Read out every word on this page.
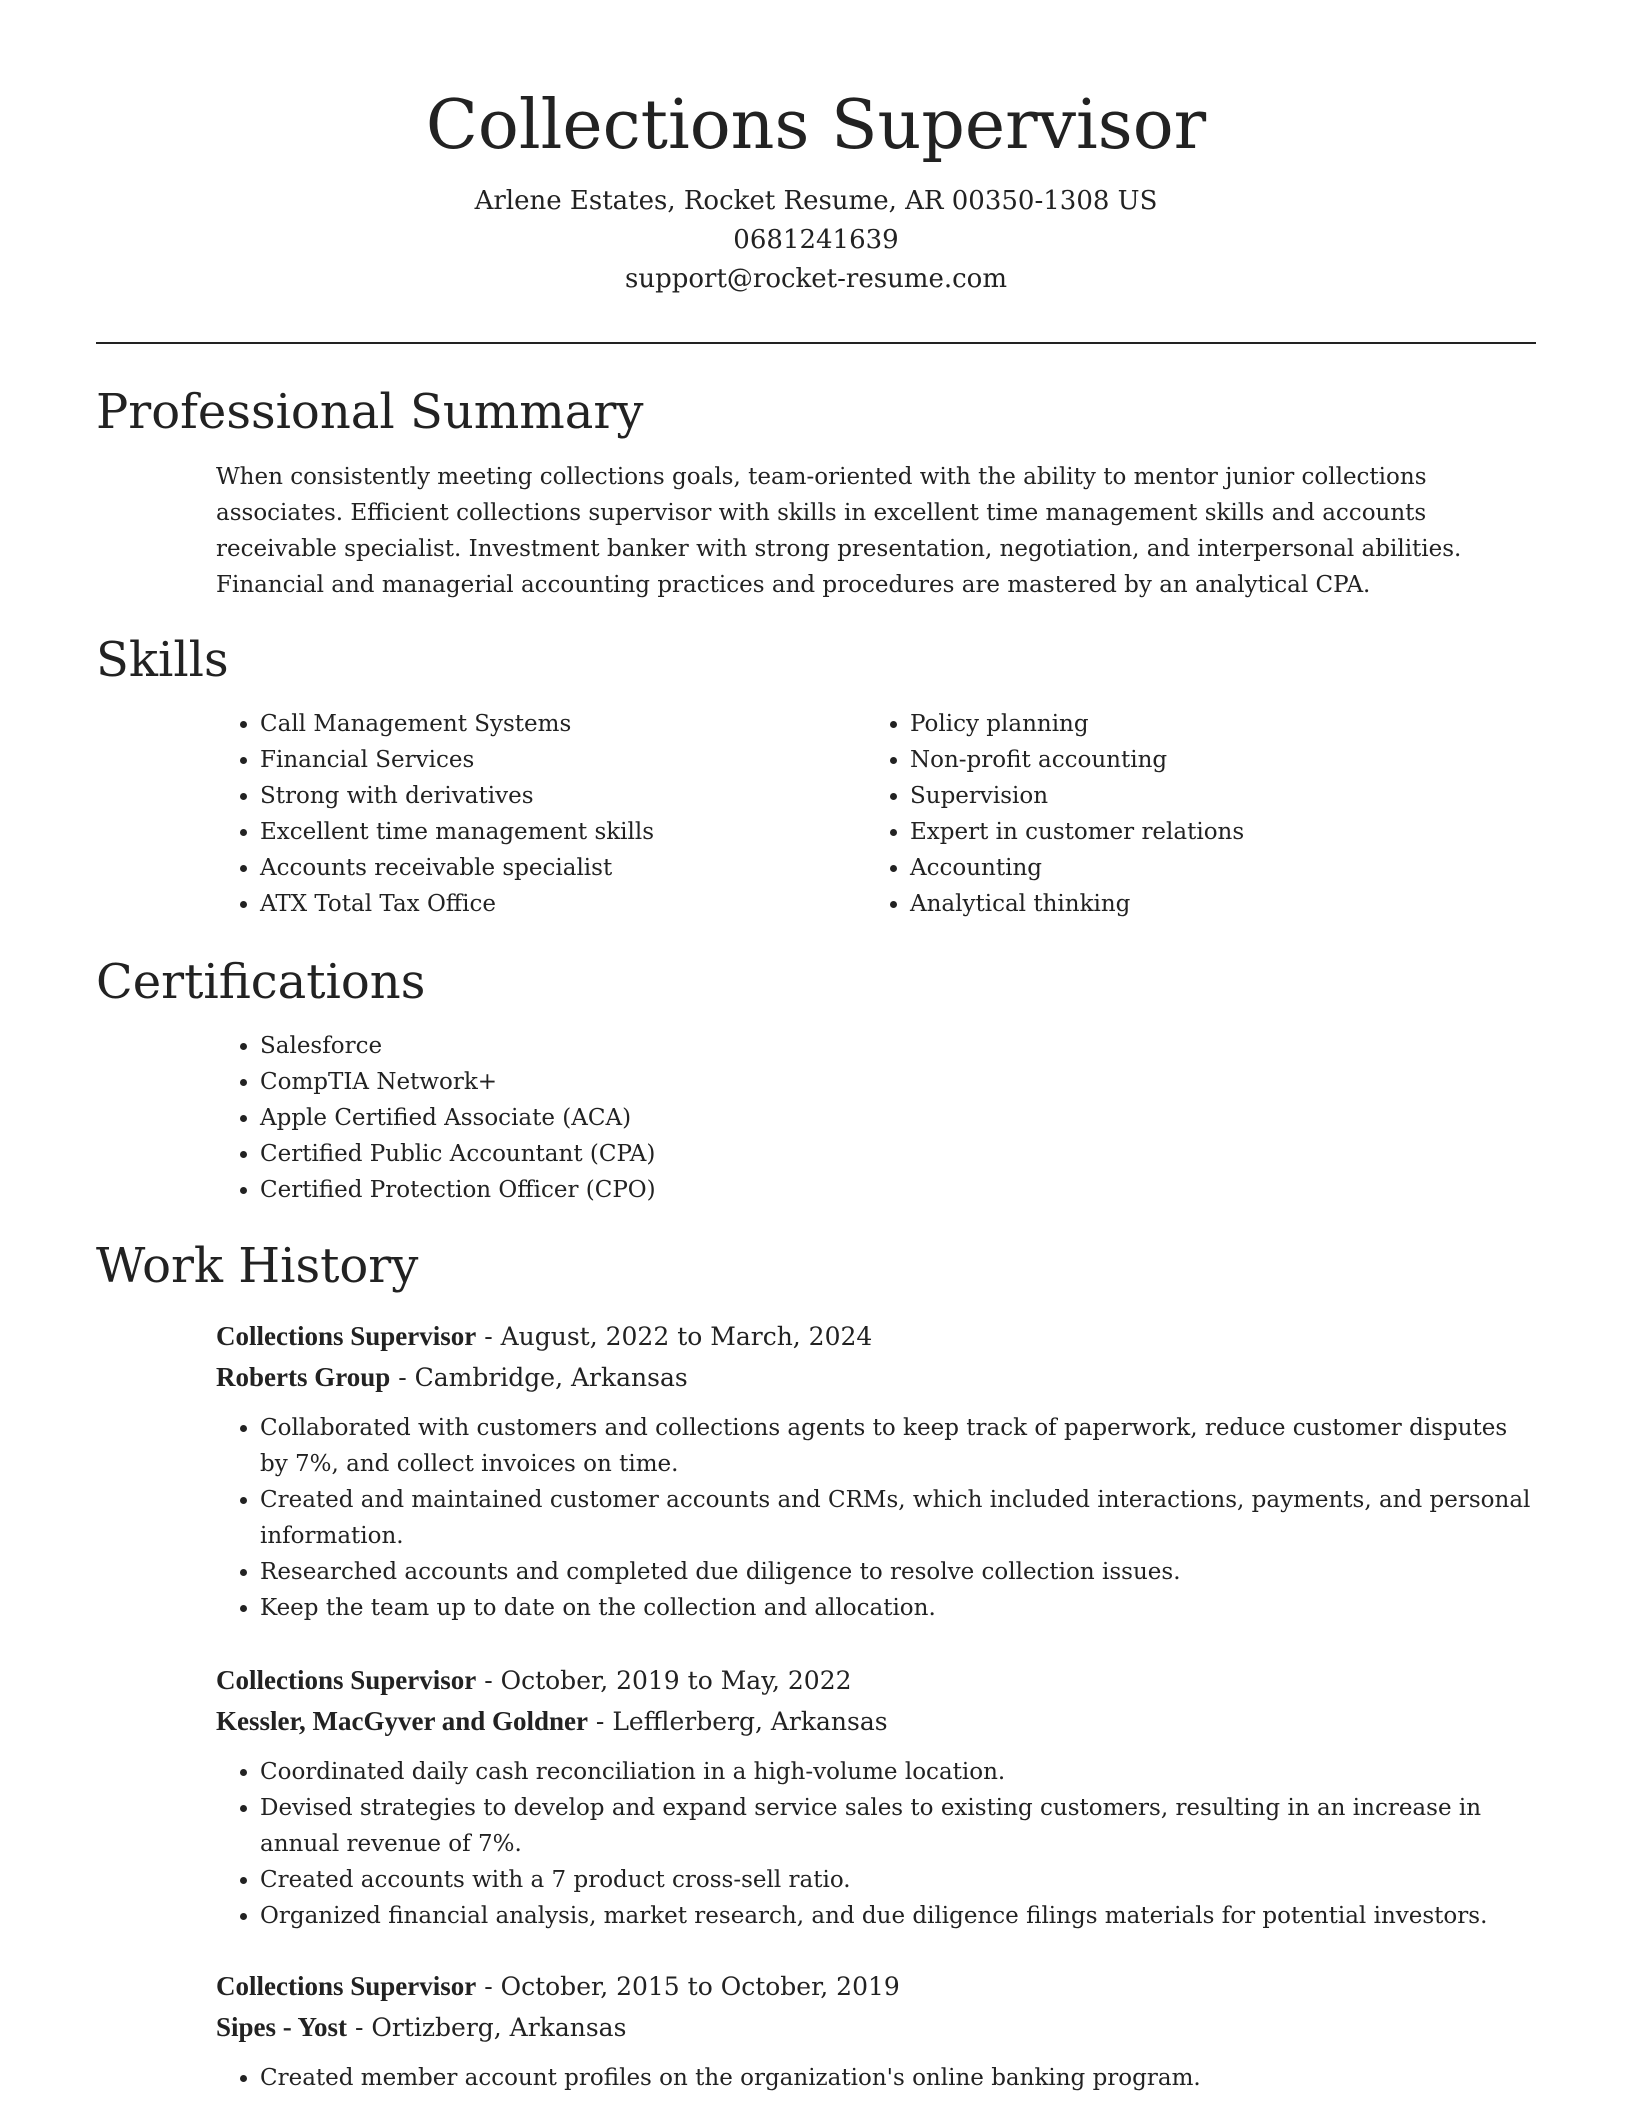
Collections Supervisor
Arlene Estates, Rocket Resume, AR 00350-1308 US
0681241639
support@rocket-resume.com
Professional Summary
When consistently meeting collections goals, team-oriented with the ability to mentor junior collections associates. Efficient collections supervisor with skills in excellent time management skills and accounts receivable specialist. Investment banker with strong presentation, negotiation, and interpersonal abilities. Financial and managerial accounting practices and procedures are mastered by an analytical CPA.
Skills
• Call Management Systems
• Financial Services
• Strong with derivatives
• Excellent time management skills
• Accounts receivable specialist
• ATX Total Tax Office
• Policy planning
• Non-profit accounting
• Supervision
• Expert in customer relations
• Accounting
• Analytical thinking
Certifications
• Salesforce
• CompTIA Network+
• Apple Certified Associate (ACA)
• Certified Public Accountant (CPA)
• Certified Protection Officer (CPO)
Work History
Collections Supervisor - August, 2022 to March, 2024
Roberts Group - Cambridge, Arkansas
• Collaborated with customers and collections agents to keep track of paperwork, reduce customer disputes by 7%, and collect invoices on time.
• Created and maintained customer accounts and CRMs, which included interactions, payments, and personal information.
• Researched accounts and completed due diligence to resolve collection issues.
• Keep the team up to date on the collection and allocation.
Collections Supervisor - October, 2019 to May, 2022
Kessler, MacGyver and Goldner - Lefflerberg, Arkansas
• Coordinated daily cash reconciliation in a high-volume location.
• Devised strategies to develop and expand service sales to existing customers, resulting in an increase in annual revenue of 7%.
• Created accounts with a 7 product cross-sell ratio.
• Organized financial analysis, market research, and due diligence filings materials for potential investors.
Collections Supervisor - October, 2015 to October, 2019
Sipes - Yost - Ortizberg, Arkansas
• Created member account profiles on the organization's online banking program.
